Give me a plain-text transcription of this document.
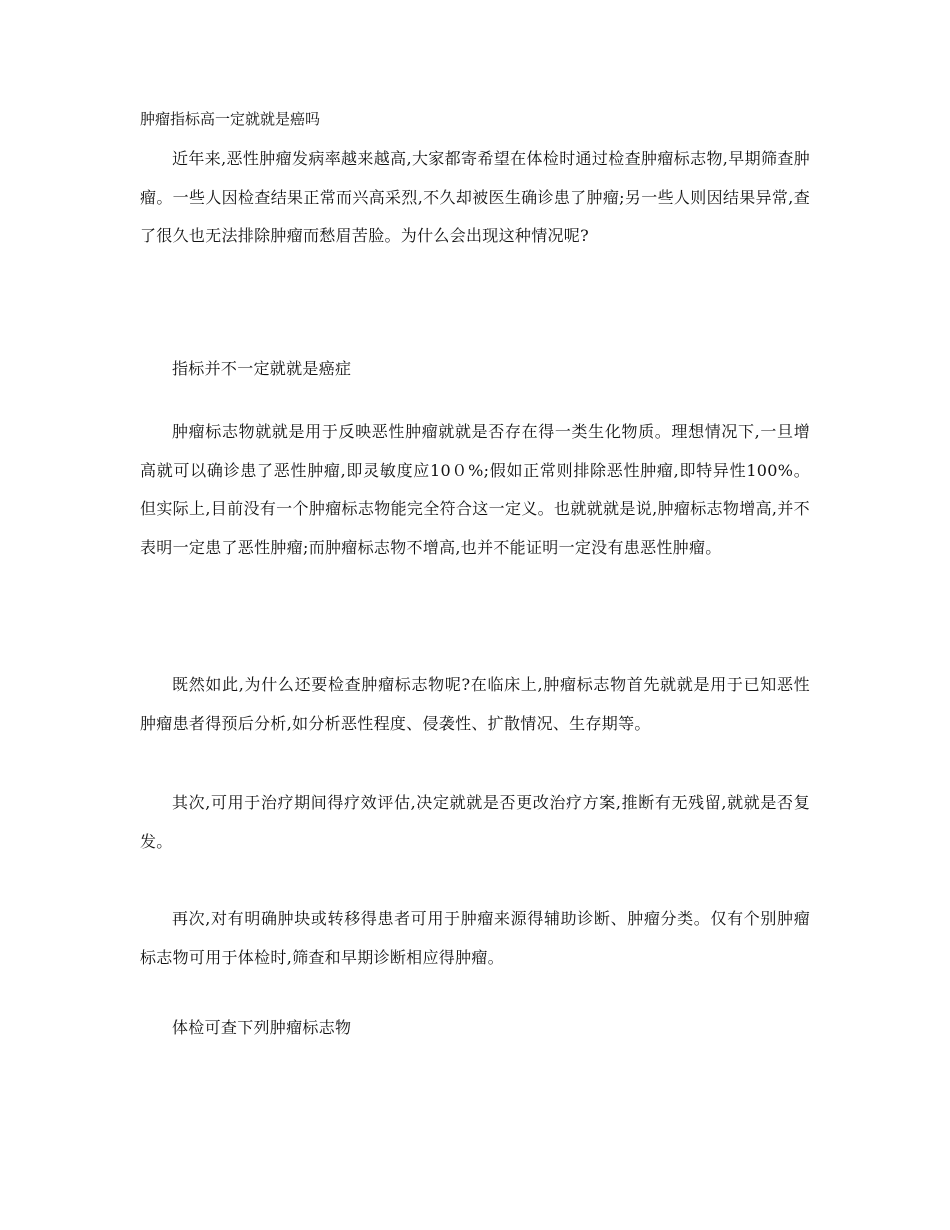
肿瘤指标高一定就就是癌吗

近年来,恶性肿瘤发病率越来越高,大家都寄希望在体检时通过检查肿瘤标志物,早期筛查肿瘤。一些人因检查结果正常而兴高采烈,不久却被医生确诊患了肿瘤;另一些人则因结果异常,查了很久也无法排除肿瘤而愁眉苦脸。为什么会出现这种情况呢?

指标并不一定就就是癌症

肿瘤标志物就就是用于反映恶性肿瘤就就是否存在得一类生化物质。理想情况下,一旦增高就可以确诊患了恶性肿瘤,即灵敏度应10０%;假如正常则排除恶性肿瘤,即特异性100%。但实际上,目前没有一个肿瘤标志物能完全符合这一定义。也就就就是说,肿瘤标志物增高,并不表明一定患了恶性肿瘤;而肿瘤标志物不增高,也并不能证明一定没有患恶性肿瘤。

既然如此,为什么还要检查肿瘤标志物呢?在临床上,肿瘤标志物首先就就是用于已知恶性肿瘤患者得预后分析,如分析恶性程度、侵袭性、扩散情况、生存期等。

其次,可用于治疗期间得疗效评估,决定就就是否更改治疗方案,推断有无残留,就就是否复发。

再次,对有明确肿块或转移得患者可用于肿瘤来源得辅助诊断、肿瘤分类。仅有个别肿瘤标志物可用于体检时,筛查和早期诊断相应得肿瘤。

体检可查下列肿瘤标志物
